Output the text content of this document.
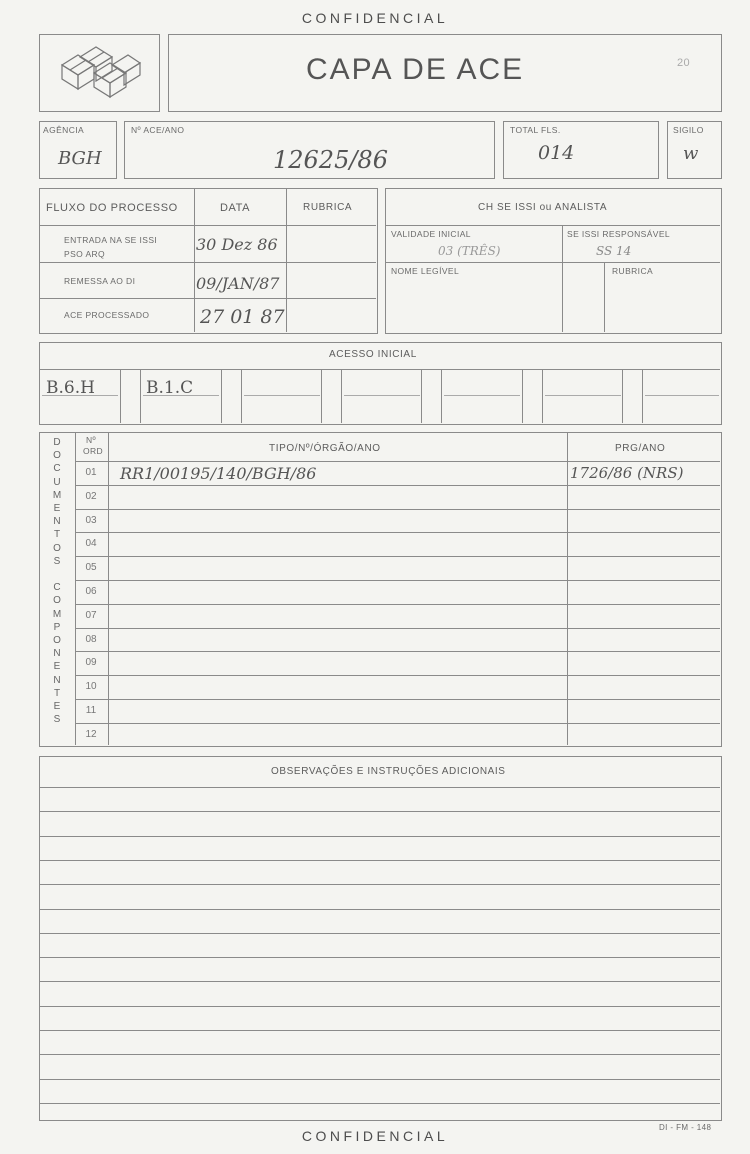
CONFIDENCIAL
CAPA DE ACE	20
AGÊNCIA
BGH
Nº ACE/ANO
12625/86
TOTAL FLS.
014
SIGILO
w
FLUXO DO PROCESSO	DATA	RUBRICA
ENTRADA NA SE ISSI
PSO ARQ	30 Dez 86
REMESSA AO DI	09/JAN/87
ACE PROCESSADO	27 01 87
CH SE ISSI ou ANALISTA
VALIDADE INICIAL
03 (TRÊS)
SE ISSI RESPONSÁVEL
SS 14
NOME LEGÍVEL	RUBRICA
ACESSO INICIAL
B.6.H	B.1.C
D
O
C
U
M
E
N
T
O
S
C
O
M
P
O
N
E
N
T
E
S
Nº
ORD	TIPO/Nº/ÓRGÃO/ANO	PRG/ANO
01	RR1/00195/140/BGH/86	1726/86 (NRS)
02
03
04
05
06
07
08
09
10
11
12
OBSERVAÇÕES E INSTRUÇÕES ADICIONAIS
CONFIDENCIAL
DI - FM - 148
